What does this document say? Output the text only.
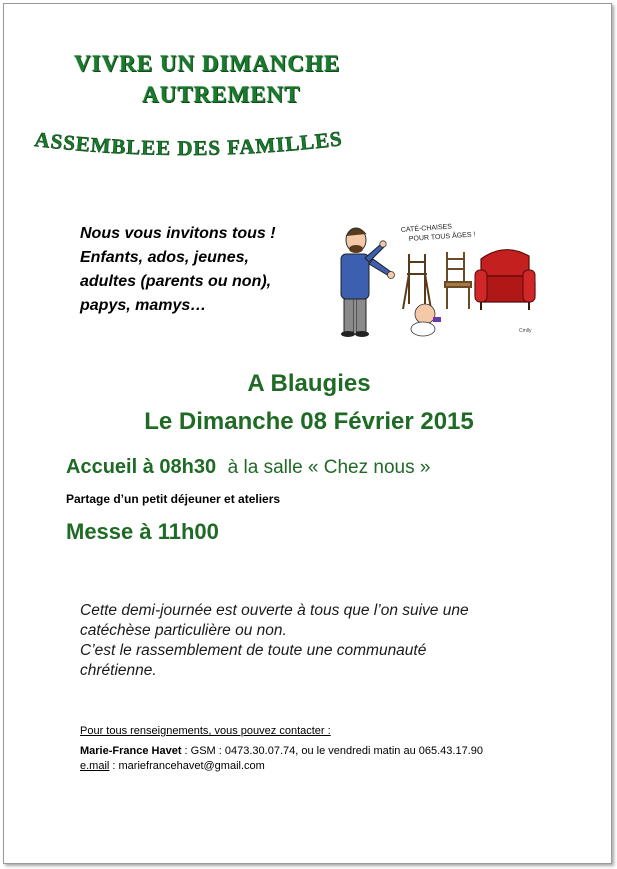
VIVRE UN DIMANCHE
AUTREMENT
ASSEMBLEE DES FAMILLES
Nous vous invitons tous !
Enfants, ados, jeunes,
adultes (parents ou non),
papys, mamys…
CATÉ-CHAISES
POUR TOUS ÂGES !
Cmlly
A Blaugies
Le Dimanche 08 Février 2015
Accueil à 08h30 à la salle « Chez nous »
Partage d’un petit déjeuner et ateliers
Messe à 11h00
Cette demi-journée est ouverte à tous que l’on suive une
catéchèse particulière ou non.
C’est le rassemblement de toute une communauté
chrétienne.
Pour tous renseignements, vous pouvez contacter :
Marie-France Havet : GSM : 0473.30.07.74, ou le vendredi matin au 065.43.17.90
e.mail : mariefrancehavet@gmail.com
